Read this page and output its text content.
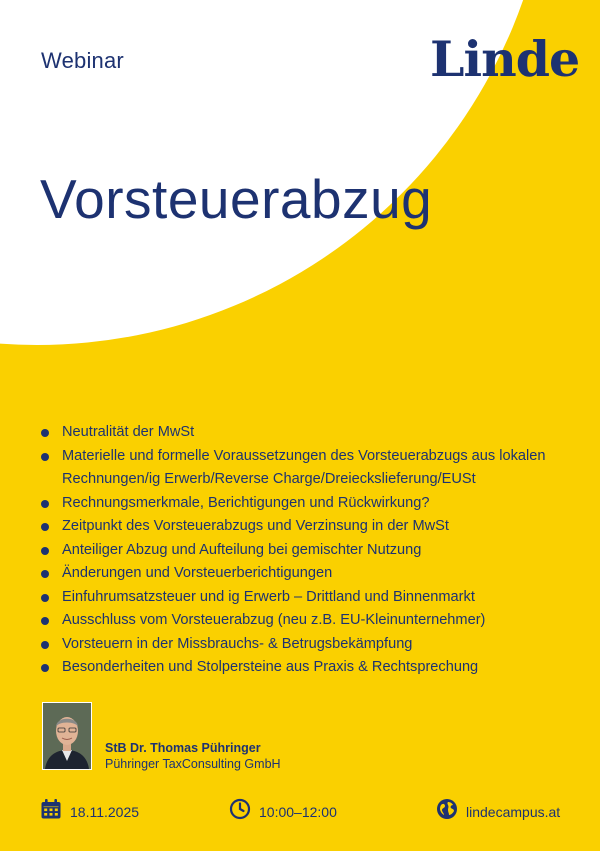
Webinar	Linde
Vorsteuerabzug
Neutralität der MwSt
Materielle und formelle Voraussetzungen des Vorsteuerabzugs aus lokalen Rechnungen/ig Erwerb/Reverse Charge/Dreieckslieferung/EUSt
Rechnungsmerkmale, Berichtigungen und Rückwirkung?
Zeitpunkt des Vorsteuerabzugs und Verzinsung in der MwSt
Anteiliger Abzug und Aufteilung bei gemischter Nutzung
Änderungen und Vorsteuerberichtigungen
Einfuhrumsatzsteuer und ig Erwerb – Drittland und Binnenmarkt
Ausschluss vom Vorsteuerabzug (neu z.B. EU-Kleinunternehmer)
Vorsteuern in der Missbrauchs- & Betrugsbekämpfung
Besonderheiten und Stolpersteine aus Praxis & Rechtsprechung
StB Dr. Thomas Pühringer
Pühringer TaxConsulting GmbH
18.11.2025	10:00–12:00	lindecampus.at
